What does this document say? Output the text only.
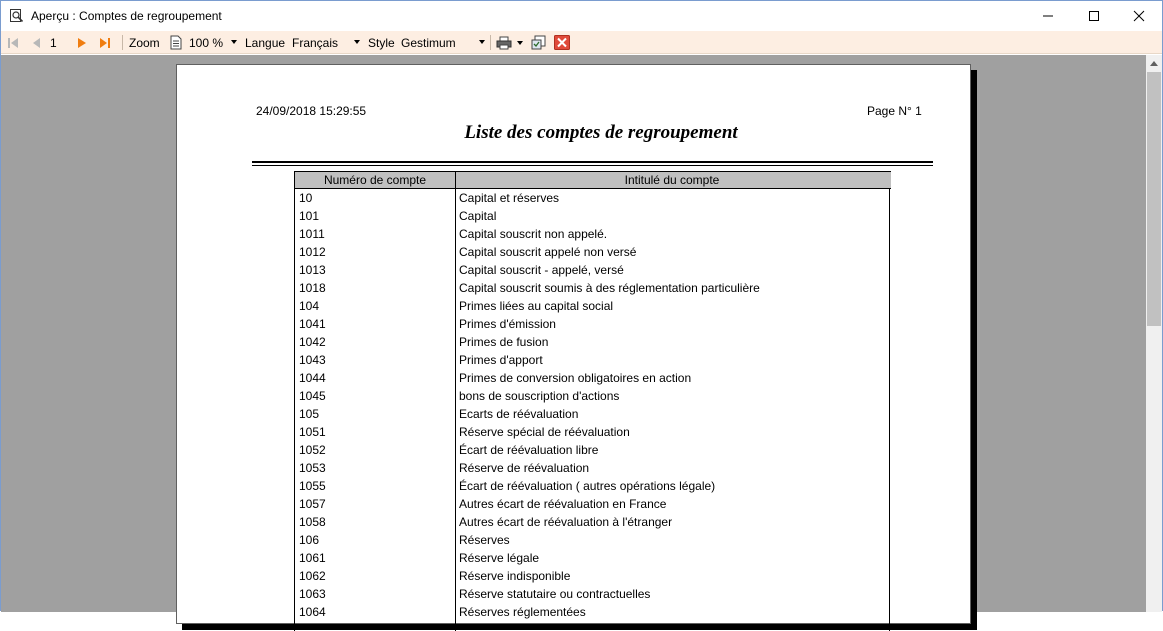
Aperçu : Comptes de regroupement
1	Zoom 100 % Langue Français Style Gestimum
24/09/2018 15:29:55	Page N° 1
Liste des comptes de regroupement
Numéro de compte	Intitulé du compte
10	Capital et réserves
101	Capital
1011	Capital souscrit non appelé.
1012	Capital souscrit appelé non versé
1013	Capital souscrit - appelé, versé
1018	Capital souscrit soumis à des réglementation particulière
104	Primes liées au capital social
1041	Primes d'émission
1042	Primes de fusion
1043	Primes d'apport
1044	Primes de conversion obligatoires en action
1045	bons de souscription d'actions
105	Ecarts de réévaluation
1051	Réserve spécial de réévaluation
1052	Écart de réévaluation libre
1053	Réserve de réévaluation
1055	Écart de réévaluation ( autres opérations légale)
1057	Autres écart de réévaluation en France
1058	Autres écart de réévaluation à l'étranger
106	Réserves
1061	Réserve légale
1062	Réserve indisponible
1063	Réserve statutaire ou contractuelles
1064	Réserves réglementées
